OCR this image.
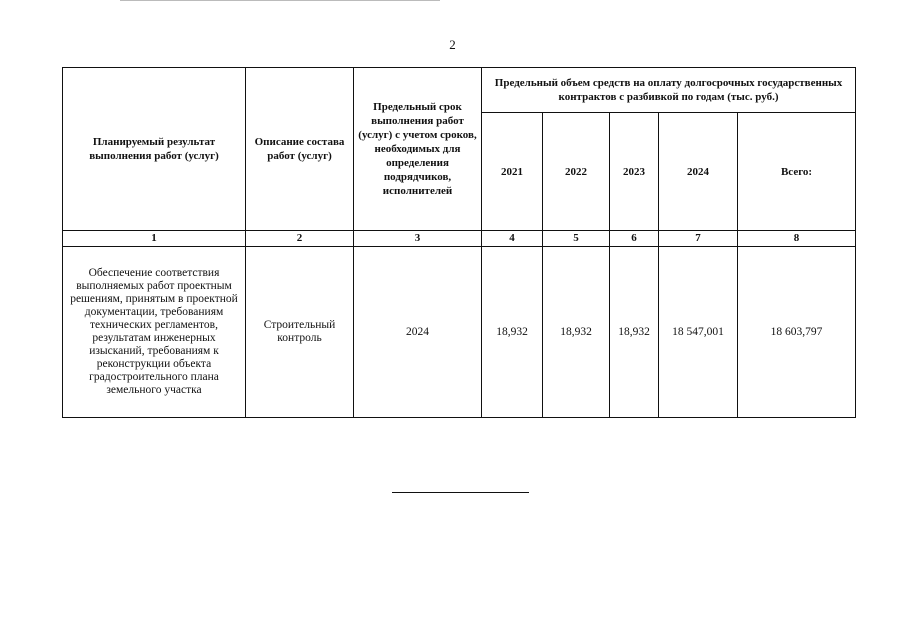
2
Планируемый результат выполнения работ (услуг)	Описание состава работ (услуг)	Предельный срок выполнения работ (услуг) с учетом сроков, необходимых для определения подрядчиков, исполнителей	Предельный объем средств на оплату долгосрочных государственных контрактов с разбивкой по годам (тыс. руб.)				
			2021	2022	2023	2024	Всего:
1	2	3	4	5	6	7	8
Обеспечение соответствия выполняемых работ проектным решениям, принятым в проектной документации, требованиям технических регламентов, результатам инженерных изысканий, требованиям к реконструкции объекта градостроительного плана земельного участка	Строительный контроль	2024	18,932	18,932	18,932	18 547,001	18 603,797
